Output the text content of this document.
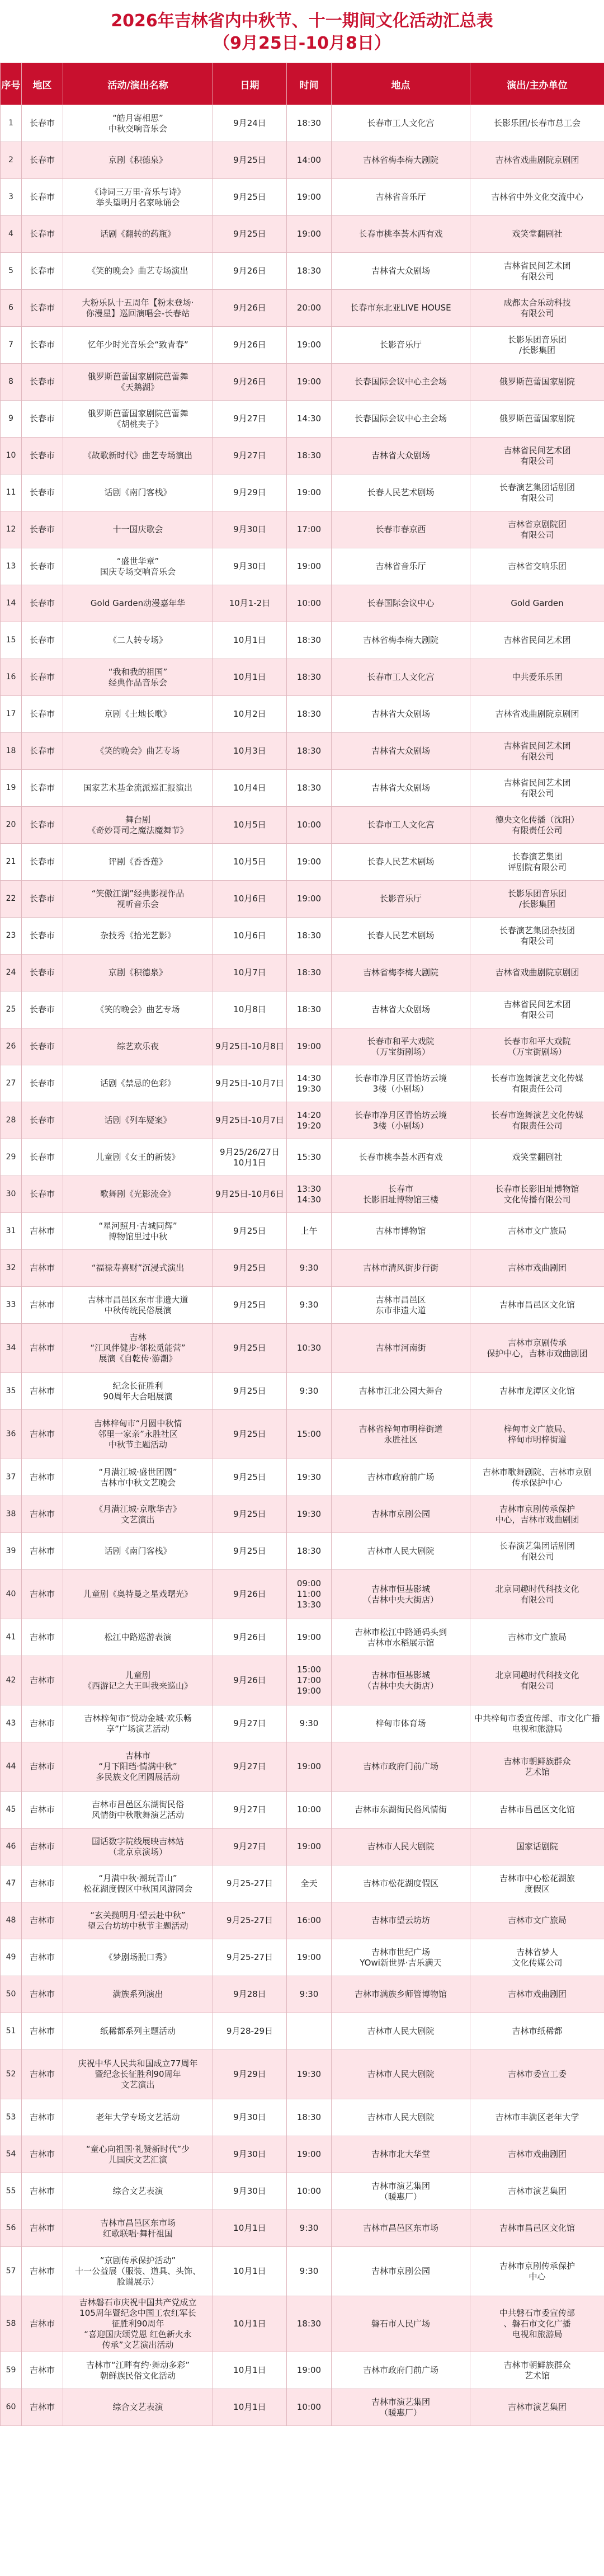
2026年吉林省内中秋节、十一期间文化活动汇总表
（9月25日-10月8日）
序号	地区	活动/演出名称	日期	时间	地点	演出/主办单位
1	长春市	“皓月寄相思”
中秋交响音乐会	9月24日	18:30	长春市工人文化宫	长影乐团/长春市总工会
2	长春市	京剧《积德泉》	9月25日	14:00	吉林省梅李梅大剧院	吉林省戏曲剧院京剧团
3	长春市	《诗词三万里·音乐与诗》
举头望明月名家咏诵会	9月25日	19:00	吉林省音乐厅	吉林省中外文化交流中心
4	长春市	话剧《翻转的药瓶》	9月25日	19:00	长春市桃李荟木西有戏	戏笑堂翻剧社
5	长春市	《笑的晚会》曲艺专场演出	9月26日	18:30	吉林省大众剧场	吉林省民间艺术团
有限公司
6	长春市	大粉乐队十五周年【粉末登场·
你漫星】巡回演唱会-长春站	9月26日	20:00	长春市东北亚LIVE HOUSE	成都太合乐动科技
有限公司
7	长春市	忆年少时光音乐会“致青春”	9月26日	19:00	长影音乐厅	长影乐团音乐团
/长影集团
8	长春市	俄罗斯芭蕾国家剧院芭蕾舞
《天鹅湖》	9月26日	19:00	长春国际会议中心主会场	俄罗斯芭蕾国家剧院
9	长春市	俄罗斯芭蕾国家剧院芭蕾舞
《胡桃夹子》	9月27日	14:30	长春国际会议中心主会场	俄罗斯芭蕾国家剧院
10	长春市	《故歌新时代》曲艺专场演出	9月27日	18:30	吉林省大众剧场	吉林省民间艺术团
有限公司
11	长春市	话剧《南门客栈》	9月29日	19:00	长春人民艺术剧场	长春演艺集团话剧团
有限公司
12	长春市	十一国庆歌会	9月30日	17:00	长春市春京西	吉林省京剧院团
有限公司
13	长春市	“盛世华章”
国庆专场交响音乐会	9月30日	19:00	吉林省音乐厅	吉林省交响乐团
14	长春市	Gold Garden动漫嘉年华	10月1-2日	10:00	长春国际会议中心	Gold Garden
15	长春市	《二人转专场》	10月1日	18:30	吉林省梅李梅大剧院	吉林省民间艺术团
16	长春市	“我和我的祖国”
经典作品音乐会	10月1日	18:30	长春市工人文化宫	中共爱乐乐团
17	长春市	京剧《土地长歌》	10月2日	18:30	吉林省大众剧场	吉林省戏曲剧院京剧团
18	长春市	《笑的晚会》曲艺专场	10月3日	18:30	吉林省大众剧场	吉林省民间艺术团
有限公司
19	长春市	国家艺术基金流派巡汇报演出	10月4日	18:30	吉林省大众剧场	吉林省民间艺术团
有限公司
20	长春市	舞台剧
《奇妙哥司之魔法魔舞节》	10月5日	10:00	长春市工人文化宫	德央文化传播（沈阳）
有限责任公司
21	长春市	评剧《香香莲》	10月5日	19:00	长春人民艺术剧场	长春演艺集团
评剧院有限公司
22	长春市	“笑傲江湖”经典影视作品
视听音乐会	10月6日	19:00	长影音乐厅	长影乐团音乐团
/长影集团
23	长春市	杂技秀《拾光艺影》	10月6日	18:30	长春人民艺术剧场	长春演艺集团杂技团
有限公司
24	长春市	京剧《积德泉》	10月7日	18:30	吉林省梅李梅大剧院	吉林省戏曲剧院京剧团
25	长春市	《笑的晚会》曲艺专场	10月8日	18:30	吉林省大众剧场	吉林省民间艺术团
有限公司
26	长春市	综艺欢乐夜	9月25日-10月8日	19:00	长春市和平大戏院
（万宝街剧场）	长春市和平大戏院
（万宝街剧场）
27	长春市	话剧《禁忌的色彩》	9月25日-10月7日	14:30
19:30	长春市净月区青怡坊云境
3楼（小剧场）	长春市逸舞演艺文化传媒
有限责任公司
28	长春市	话剧《列车疑案》	9月25日-10月7日	14:20
19:20	长春市净月区青怡坊云境
3楼（小剧场）	长春市逸舞演艺文化传媒
有限责任公司
29	长春市	儿童剧《女王的新装》	9月25/26/27日
10月1日	15:30	长春市桃李荟木西有戏	戏笑堂翻剧社
30	长春市	歌舞剧《光影流金》	9月25日-10月6日	13:30
14:30	长春市
长影旧址博物馆三楼	长春市长影旧址博物馆
文化传播有限公司
31	吉林市	“星河照月·吉城同辉”
博物馆里过中秋	9月25日	上午	吉林市博物馆	吉林市文广旅局
32	吉林市	“福禄寿喜财”沉浸式演出	9月25日	9:30	吉林市清风街步行街	吉林市戏曲剧团
33	吉林市	吉林市昌邑区东市非遗大道
中秋传统民俗展演	9月25日	9:30	吉林市昌邑区
东市非遗大道	吉林市昌邑区文化馆
34	吉林市	吉林
“江风伴健步·邻松觅能营”
展演《自乾传·游潮》	9月25日	10:30	吉林市河南街	吉林市京剧传承
保护中心，吉林市戏曲剧团
35	吉林市	纪念长征胜利
90周年大合唱展演	9月25日	9:30	吉林市江北公园大舞台	吉林市龙潭区文化馆
36	吉林市	吉林梓甸市“月圆中秋情
邻里一家亲”永胜社区
中秋节主题活动	9月25日	15:00	吉林省梓甸市明梓街道
永胜社区	梓甸市文广旅局、
梓甸市明梓街道
37	吉林市	“月满江城·盛世团圆”
吉林市中秋文艺晚会	9月25日	19:30	吉林市政府前广场	吉林市歌舞剧院、吉林市京剧
传承保护中心
38	吉林市	《月满江城·京歌华吉》
文艺演出	9月25日	19:30	吉林市京剧公园	吉林市京剧传承保护
中心，吉林市戏曲剧团
39	吉林市	话剧《南门客栈》	9月25日	18:30	吉林市人民大剧院	长春演艺集团话剧团
有限公司
40	吉林市	儿童剧《奥特曼之星戏曙光》	9月26日	09:00
11:00
13:30	吉林市恒基影城
（吉林中央大街店）	北京同趣时代科技文化
有限公司
41	吉林市	松江中路巡游表演	9月26日	19:00	吉林市松江中路通码头到
吉林市水稻展示馆	吉林市文广旅局
42	吉林市	儿童剧
《西游记之大王叫我来巡山》	9月26日	15:00
17:00
19:00	吉林市恒基影城
（吉林中央大街店）	北京同趣时代科技文化
有限公司
43	吉林市	吉林梓甸市“悦动金城·欢乐畅
享”广场演艺活动	9月27日	9:30	梓甸市体育场	中共梓甸市委宣传部、市文化广播电视和旅游局
44	吉林市	吉林市
“月下阳珰·情满中秋”
多民族文化团圆展活动	9月27日	19:00	吉林市政府门前广场	吉林市朝鲜族群众
艺术馆
45	吉林市	吉林市昌邑区东湖街民俗
风情街中秋歌舞演艺活动	9月27日	10:00	吉林市东湖街民俗风情街	吉林市昌邑区文化馆
46	吉林市	国话数字院线展映吉林站
（北京京演场）	9月27日	19:00	吉林市人民大剧院	国家话剧院
47	吉林市	“月满中秋·潮玩青山”
松花湖度假区中秋国风游园会	9月25-27日	全天	吉林市松花湖度假区	吉林市中心松花湖旅
度假区
48	吉林市	“玄关揽明月·望云赴中秋”
望云台坊坊中秋节主题活动	9月25-27日	16:00	吉林市望云坊坊	吉林市文广旅局
49	吉林市	《梦剧场脱口秀》	9月25-27日	19:00	吉林市世纪广场
YOwi新世界·吉乐满天	吉林省梦人
文化传媒公司
50	吉林市	满族系列演出	9月28日	9:30	吉林市满族乡师管博物馆	吉林市戏曲剧团
51	吉林市	纸稀都系列主题活动	9月28-29日		吉林市人民大剧院	吉林市纸稀都
52	吉林市	庆祝中华人民共和国成立77周年
暨纪念长征胜利90周年
文艺演出	9月29日	19:30	吉林市人民大剧院	吉林市委宣工委
53	吉林市	老年大学专场文艺活动	9月30日	18:30	吉林市人民大剧院	吉林市丰满区老年大学
54	吉林市	“童心向祖国·礼赞新时代”少
儿国庆文艺汇演	9月30日	19:00	吉林市北大华堂	吉林市戏曲剧团
55	吉林市	综合文艺表演	9月30日	10:00	吉林市演艺集团
（暖惠厂）	吉林市演艺集团
56	吉林市	吉林市昌邑区东市场
红歌联唱·舞杆祖国	10月1日	9:30	吉林市昌邑区东市场	吉林市昌邑区文化馆
57	吉林市	“京剧传承保护活动”
十一公益展（服装、道具、头饰、
脸谱展示）	10月1日	9:30	吉林市京剧公园	吉林市京剧传承保护
中心
58	吉林市	吉林磐石市庆祝中国共产党成立
105周年暨纪念中国工农红军长
征胜利90周年
“喜迎国庆颂党恩 红色新火永
传承”文艺演出活动	10月1日	18:30	磐石市人民广场	中共磐石市委宣传部
、磐石市文化广播
电视和旅游局
59	吉林市	吉林市“江畔有约·舞动多彩”
朝鲜族民俗文化活动	10月1日	19:00	吉林市政府门前广场	吉林市朝鲜族群众
艺术馆
60	吉林市	综合文艺表演	10月1日	10:00	吉林市演艺集团
（暖惠厂）	吉林市演艺集团
